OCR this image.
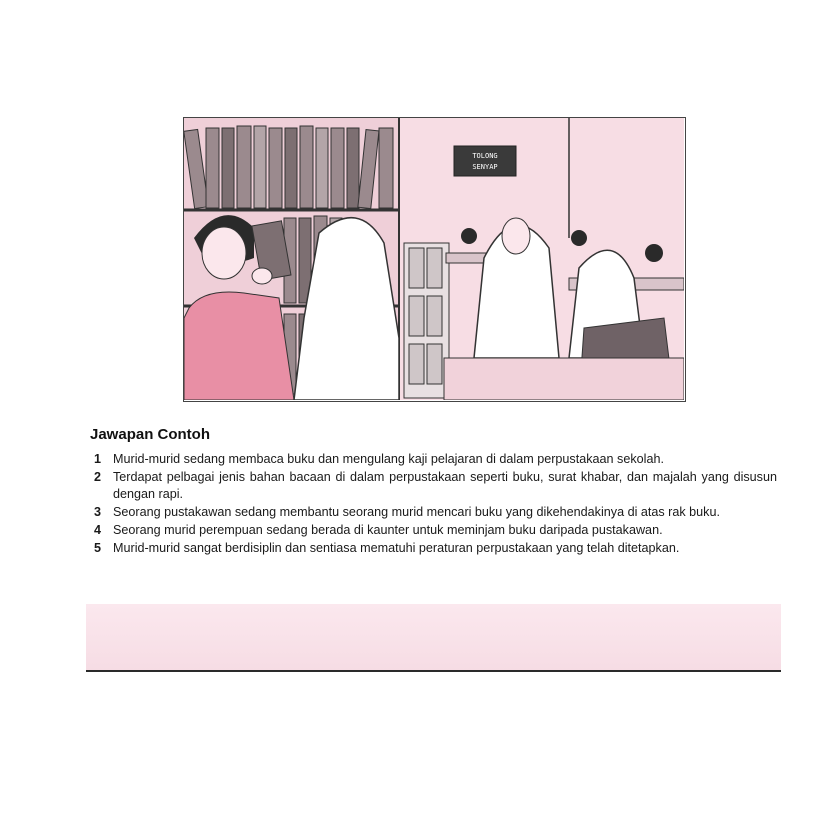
TOLONG
SENYAP
Jawapan Contoh
1 Murid-murid sedang membaca buku dan mengulang kaji pelajaran di dalam perpustakaan sekolah.
2 Terdapat pelbagai jenis bahan bacaan di dalam perpustakaan seperti buku, surat khabar, dan majalah yang disusun dengan rapi.
3 Seorang pustakawan sedang membantu seorang murid mencari buku yang dikehendakinya di atas rak buku.
4 Seorang murid perempuan sedang berada di kaunter untuk meminjam buku daripada pustakawan.
5 Murid-murid sangat berdisiplin dan sentiasa mematuhi peraturan perpustakaan yang telah ditetapkan.
